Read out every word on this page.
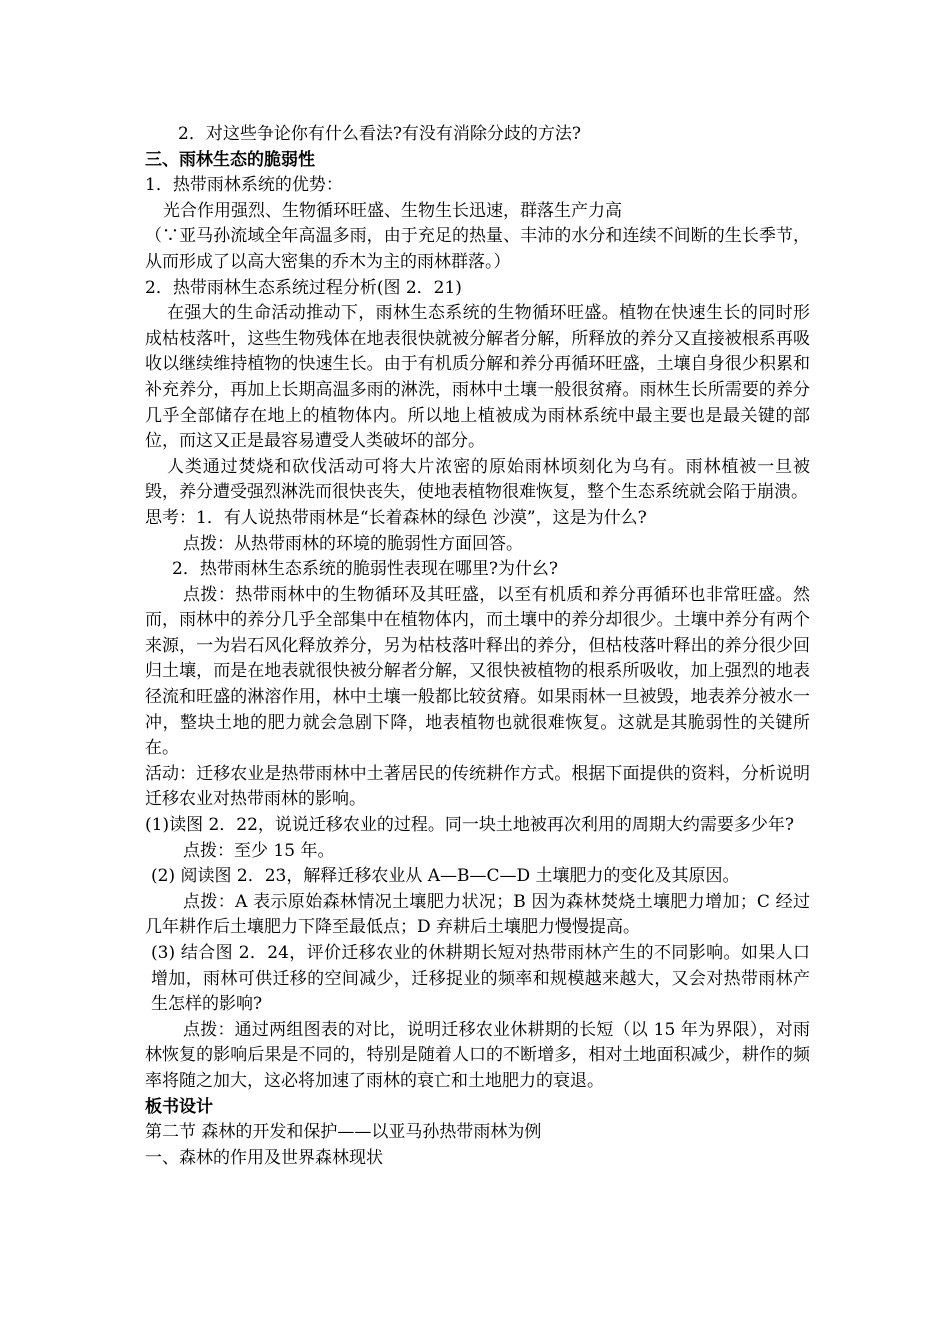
2．对这些争论你有什么看法?有没有消除分歧的方法?

三、雨林生态的脆弱性

1．热带雨林系统的优势：

光合作用强烈、生物循环旺盛、生物生长迅速，群落生产力高

（∵亚马孙流域全年高温多雨，由于充足的热量、丰沛的水分和连续不间断的生长季节，从而形成了以高大密集的乔木为主的雨林群落。）

2．热带雨林生态系统过程分析(图 2．21)

在强大的生命活动推动下，雨林生态系统的生物循环旺盛。植物在快速生长的同时形成枯枝落叶，这些生物残体在地表很快就被分解者分解，所释放的养分又直接被根系再吸收以继续维持植物的快速生长。由于有机质分解和养分再循环旺盛，土壤自身很少积累和补充养分，再加上长期高温多雨的淋洗，雨林中土壤一般很贫瘠。雨林生长所需要的养分几乎全部储存在地上的植物体内。所以地上植被成为雨林系统中最主要也是最关键的部位，而这又正是最容易遭受人类破坏的部分。

人类通过焚烧和砍伐活动可将大片浓密的原始雨林顷刻化为乌有。雨林植被一旦被毁，养分遭受强烈淋洗而很快丧失，使地表植物很难恢复，整个生态系统就会陷于崩溃。

思考：1．有人说热带雨林是“长着森林的绿色 沙漠”，这是为什么?

点拨：从热带雨林的环境的脆弱性方面回答。

2．热带雨林生态系统的脆弱性表现在哪里?为什幺?

点拨：热带雨林中的生物循环及其旺盛，以至有机质和养分再循环也非常旺盛。然而，雨林中的养分几乎全部集中在植物体内，而土壤中的养分却很少。土壤中养分有两个来源，一为岩石风化释放养分，另为枯枝落叶释出的养分，但枯枝落叶释出的养分很少回归土壤，而是在地表就很快被分解者分解，又很快被植物的根系所吸收，加上强烈的地表径流和旺盛的淋溶作用，林中土壤一般都比较贫瘠。如果雨林一旦被毁，地表养分被水一冲，整块土地的肥力就会急剧下降，地表植物也就很难恢复。这就是其脆弱性的关键所在。

活动：迁移农业是热带雨林中土著居民的传统耕作方式。根据下面提供的资料，分析说明迁移农业对热带雨林的影响。

(1)读图 2．22，说说迁移农业的过程。同一块土地被再次利用的周期大约需要多少年?

点拨：至少 15 年。

(2) 阅读图 2．23，解释迁移农业从 A—B—C—D 土壤肥力的变化及其原因。

点拨：A 表示原始森林情况土壤肥力状况；B 因为森林焚烧土壤肥力增加；C 经过几年耕作后土壤肥力下降至最低点；D 弃耕后土壤肥力慢慢提高。

(3) 结合图 2．24，评价迁移农业的休耕期长短对热带雨林产生的不同影响。如果人口增加，雨林可供迁移的空间减少，迁移捉业的频率和规模越来越大，又会对热带雨林产生怎样的影响?

点拨：通过两组图表的对比，说明迁移农业休耕期的长短（以 15 年为界限），对雨林恢复的影响后果是不同的，特别是随着人口的不断增多，相对土地面积减少，耕作的频率将随之加大，这必将加速了雨林的衰亡和土地肥力的衰退。

板书设计

第二节 森林的开发和保护——以亚马孙热带雨林为例

一、森林的作用及世界森林现状
